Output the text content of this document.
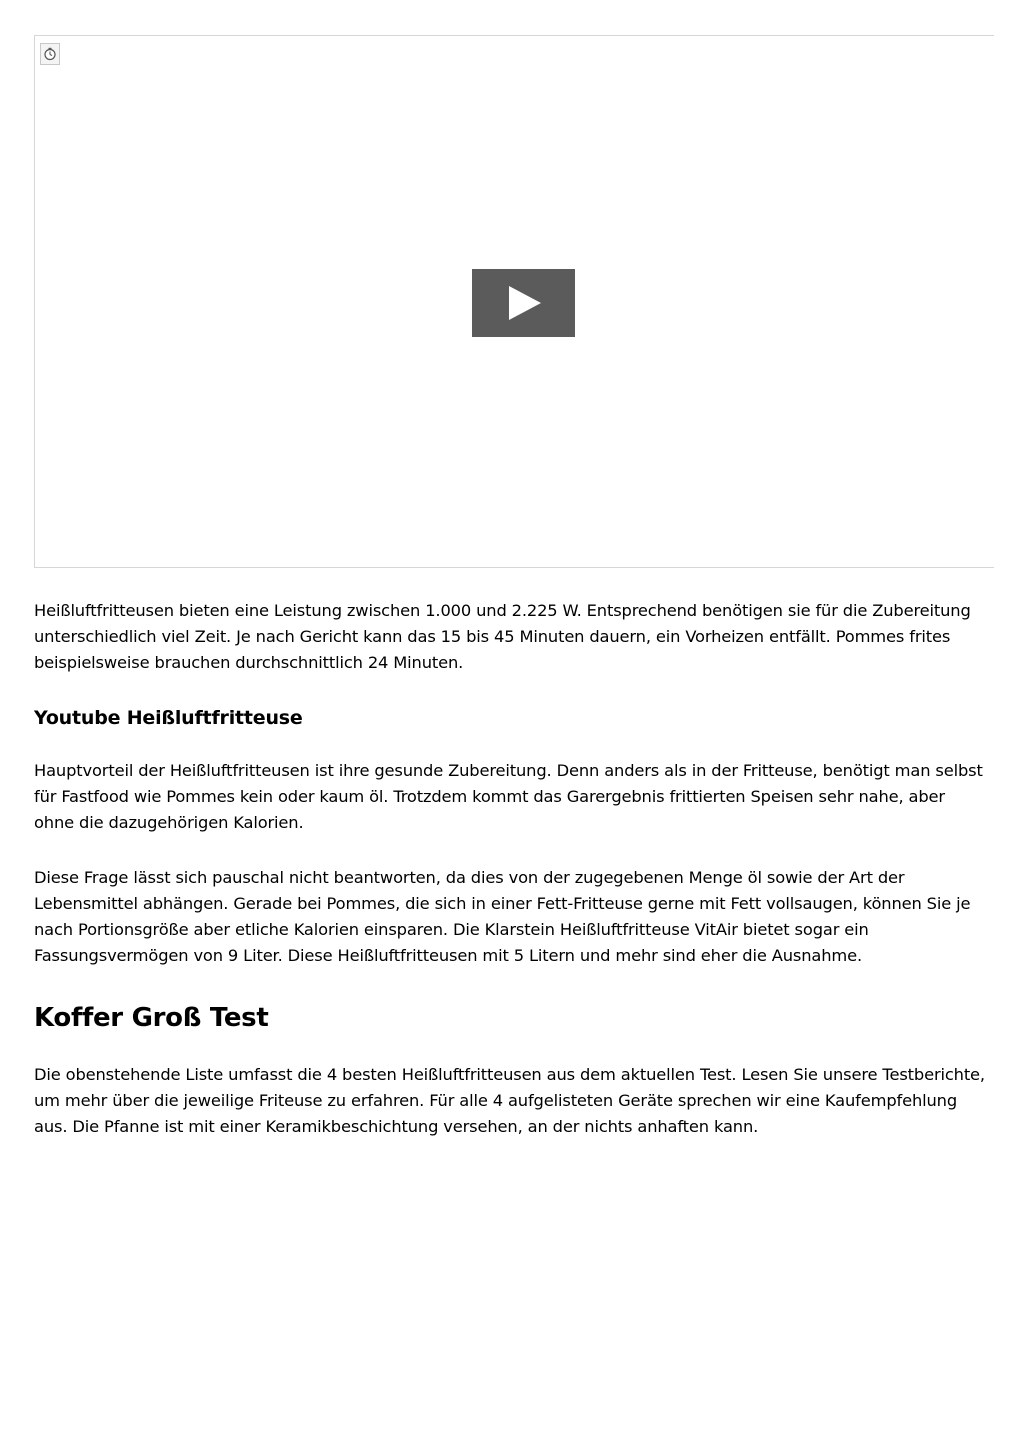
Heißluftfritteusen bieten eine Leistung zwischen 1.000 und 2.225 W. Entsprechend benötigen sie für die Zubereitung unterschiedlich viel Zeit. Je nach Gericht kann das 15 bis 45 Minuten dauern, ein Vorheizen entfällt. Pommes frites beispielsweise brauchen durchschnittlich 24 Minuten.

Youtube Heißluftfritteuse

Hauptvorteil der Heißluftfritteusen ist ihre gesunde Zubereitung. Denn anders als in der Fritteuse, benötigt man selbst für Fastfood wie Pommes kein oder kaum öl. Trotzdem kommt das Garergebnis frittierten Speisen sehr nahe, aber ohne die dazugehörigen Kalorien.

Diese Frage lässt sich pauschal nicht beantworten, da dies von der zugegebenen Menge öl sowie der Art der Lebensmittel abhängen. Gerade bei Pommes, die sich in einer Fett-Fritteuse gerne mit Fett vollsaugen, können Sie je nach Portionsgröße aber etliche Kalorien einsparen. Die Klarstein Heißluftfritteuse VitAir bietet sogar ein Fassungsvermögen von 9 Liter. Diese Heißluftfritteusen mit 5 Litern und mehr sind eher die Ausnahme.

Koffer Groß Test

Die obenstehende Liste umfasst die 4 besten Heißluftfritteusen aus dem aktuellen Test. Lesen Sie unsere Testberichte, um mehr über die jeweilige Friteuse zu erfahren. Für alle 4 aufgelisteten Geräte sprechen wir eine Kaufempfehlung aus. Die Pfanne ist mit einer Keramikbeschichtung versehen, an der nichts anhaften kann.
